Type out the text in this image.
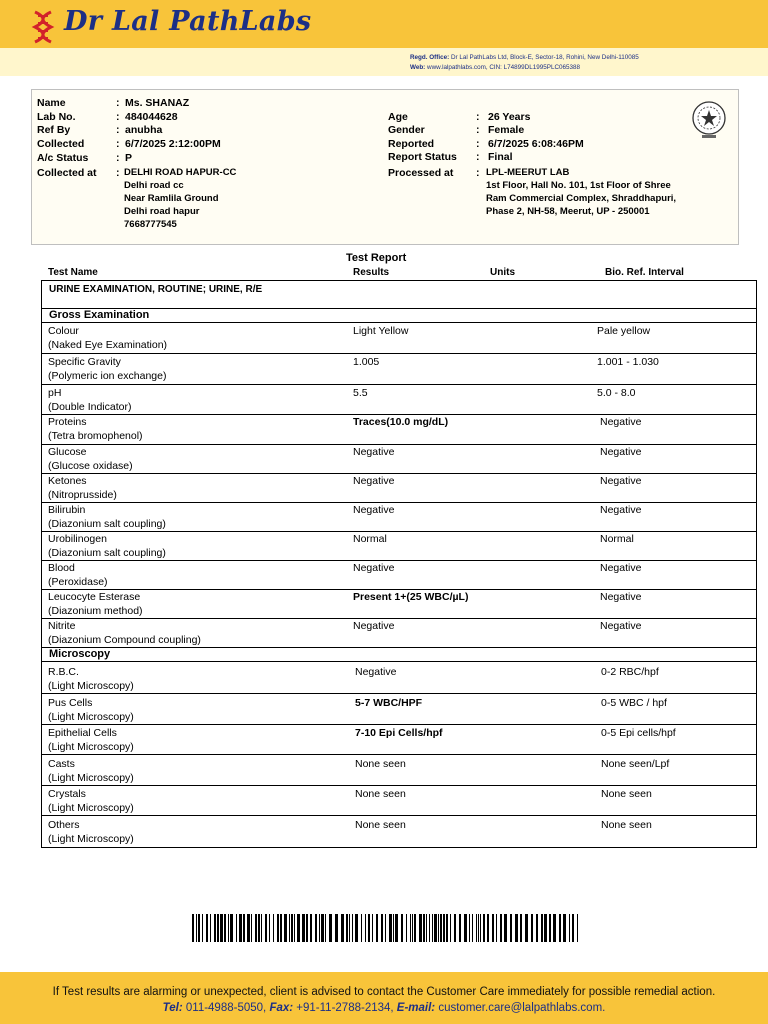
Dr Lal PathLabs
Regd. Office: Dr Lal PathLabs Ltd, Block-E, Sector-18, Rohini, New Delhi-110085
Web: www.lalpathlabs.com, CIN: L74899DL1995PLC065388
Name	: Ms. SHANAZ
Lab No.	: 484044628
Ref By	: anubha
Collected	: 6/7/2025 2:12:00PM
A/c Status	: P
Collected at : DELHI ROAD HAPUR-CC
Delhi road cc
Near Ramlila Ground
Delhi road hapur
7668777545
Age	: 26 Years
Gender	: Female
Reported	: 6/7/2025 6:08:46PM
Report Status : Final
Processed at : LPL-MEERUT LAB
1st Floor, Hall No. 101, 1st Floor of Shree
Ram Commercial Complex, Shraddhapuri,
Phase 2, NH-58, Meerut, UP - 250001
Test Report
Test Name	Results	Units	Bio. Ref. Interval
URINE EXAMINATION, ROUTINE; URINE, R/E
Gross Examination
Colour
(Naked Eye Examination)
Light Yellow	Pale yellow
Specific Gravity
(Polymeric ion exchange)
1.005	1.001 - 1.030
pH
(Double Indicator)
5.5	5.0 - 8.0
Proteins
(Tetra bromophenol)
Traces(10.0 mg/dL)	Negative
Glucose
(Glucose oxidase)
Negative	Negative
Ketones
(Nitroprusside)
Negative	Negative
Bilirubin
(Diazonium salt coupling)
Negative	Negative
Urobilinogen
(Diazonium salt coupling)
Normal	Normal
Blood
(Peroxidase)
Negative	Negative
Leucocyte Esterase
(Diazonium method)
Present 1+(25 WBC/µL)	Negative
Nitrite
(Diazonium Compound coupling)
Negative	Negative
Microscopy
R.B.C.
(Light Microscopy)
Negative	0-2 RBC/hpf
Pus Cells
(Light Microscopy)
5-7 WBC/HPF	0-5 WBC / hpf
Epithelial Cells
(Light Microscopy)
7-10 Epi Cells/hpf	0-5 Epi cells/hpf
Casts
(Light Microscopy)
None seen	None seen/Lpf
Crystals
(Light Microscopy)
None seen	None seen
Others
(Light Microscopy)
None seen	None seen
If Test results are alarming or unexpected, client is advised to contact the Customer Care immediately for possible remedial action.
Tel: 011-4988-5050, Fax: +91-11-2788-2134, E-mail: customer.care@lalpathlabs.com.
